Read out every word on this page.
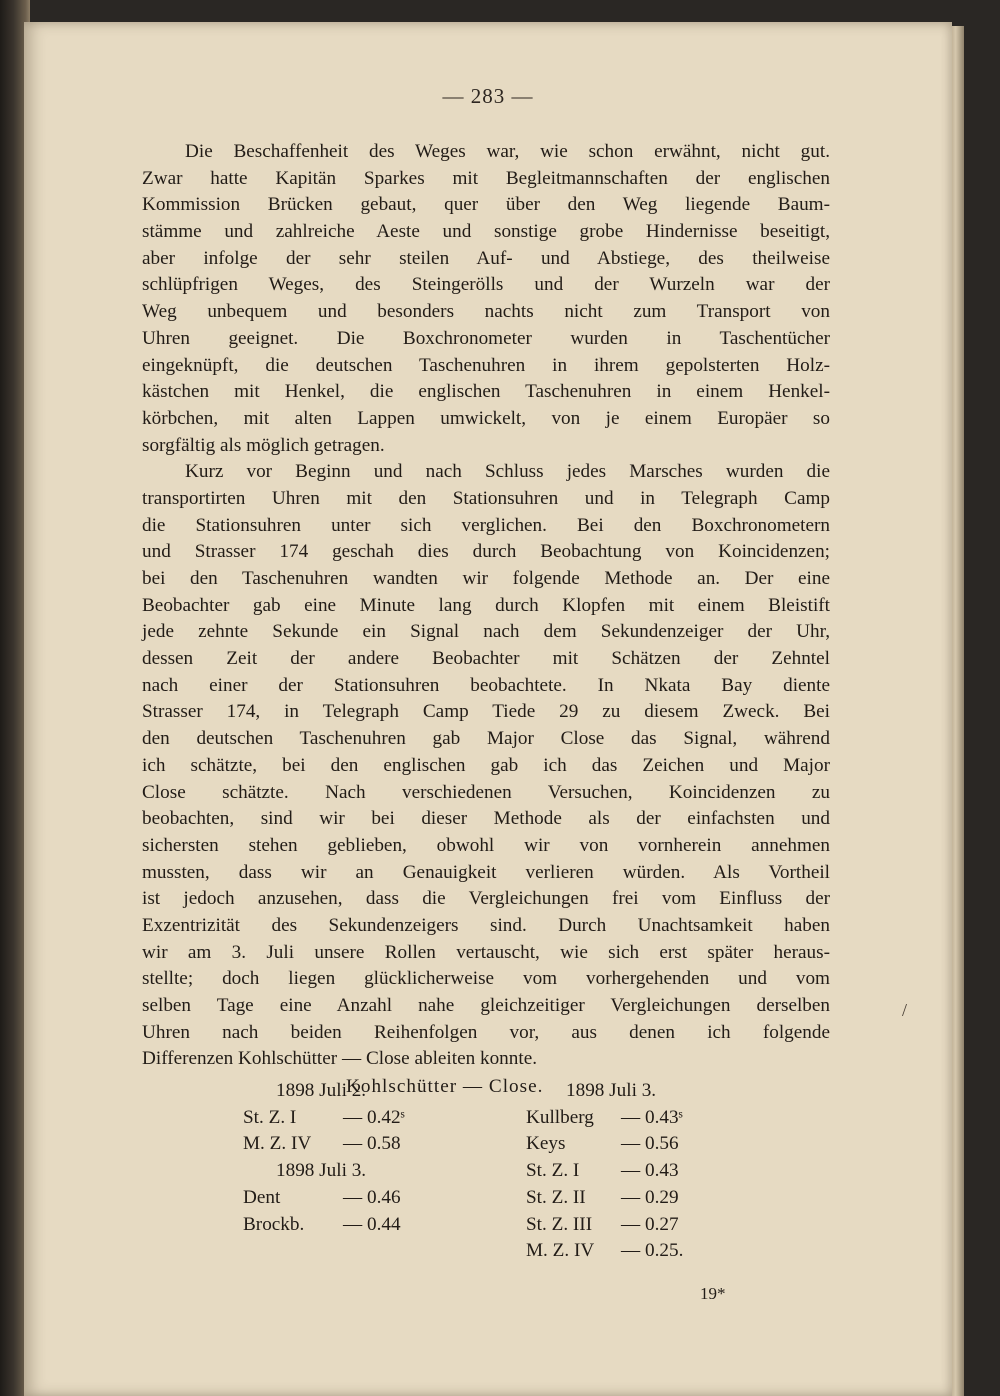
— 283 —
Die Beschaffenheit des Weges war, wie schon erwähnt, nicht gut.
Zwar hatte Kapitän Sparkes mit Begleitmannschaften der englischen
Kommission Brücken gebaut, quer über den Weg liegende Baum-
stämme und zahlreiche Aeste und sonstige grobe Hindernisse beseitigt,
aber infolge der sehr steilen Auf- und Abstiege, des theilweise
schlüpfrigen Weges, des Steingerölls und der Wurzeln war der
Weg unbequem und besonders nachts nicht zum Transport von
Uhren geeignet. Die Boxchronometer wurden in Taschentücher
eingeknüpft, die deutschen Taschenuhren in ihrem gepolsterten Holz-
kästchen mit Henkel, die englischen Taschenuhren in einem Henkel-
körbchen, mit alten Lappen umwickelt, von je einem Europäer so
sorgfältig als möglich getragen.
Kurz vor Beginn und nach Schluss jedes Marsches wurden die
transportirten Uhren mit den Stationsuhren und in Telegraph Camp
die Stationsuhren unter sich verglichen. Bei den Boxchronometern
und Strasser 174 geschah dies durch Beobachtung von Koincidenzen;
bei den Taschenuhren wandten wir folgende Methode an. Der eine
Beobachter gab eine Minute lang durch Klopfen mit einem Bleistift
jede zehnte Sekunde ein Signal nach dem Sekundenzeiger der Uhr,
dessen Zeit der andere Beobachter mit Schätzen der Zehntel
nach einer der Stationsuhren beobachtete. In Nkata Bay diente
Strasser 174, in Telegraph Camp Tiede 29 zu diesem Zweck. Bei
den deutschen Taschenuhren gab Major Close das Signal, während
ich schätzte, bei den englischen gab ich das Zeichen und Major
Close schätzte. Nach verschiedenen Versuchen, Koincidenzen zu
beobachten, sind wir bei dieser Methode als der einfachsten und
sichersten stehen geblieben, obwohl wir von vornherein annehmen
mussten, dass wir an Genauigkeit verlieren würden. Als Vortheil
ist jedoch anzusehen, dass die Vergleichungen frei vom Einfluss der
Exzentrizität des Sekundenzeigers sind. Durch Unachtsamkeit haben
wir am 3. Juli unsere Rollen vertauscht, wie sich erst später heraus-
stellte; doch liegen glücklicherweise vom vorhergehenden und vom
selben Tage eine Anzahl nahe gleichzeitiger Vergleichungen derselben
Uhren nach beiden Reihenfolgen vor, aus denen ich folgende
Differenzen Kohlschütter — Close ableiten konnte.
Kohlschütter — Close.
1898 Juli 2.
St. Z. I — 0.42ˢ
M. Z. IV — 0.58
1898 Juli 3.
Dent	— 0.46
Brockb. — 0.44
1898 Juli 3.
Kullberg — 0.43ˢ
Keys	— 0.56
St. Z. I — 0.43
St. Z. II — 0.29
St. Z. III — 0.27
M. Z. IV — 0.25.
19*
/
